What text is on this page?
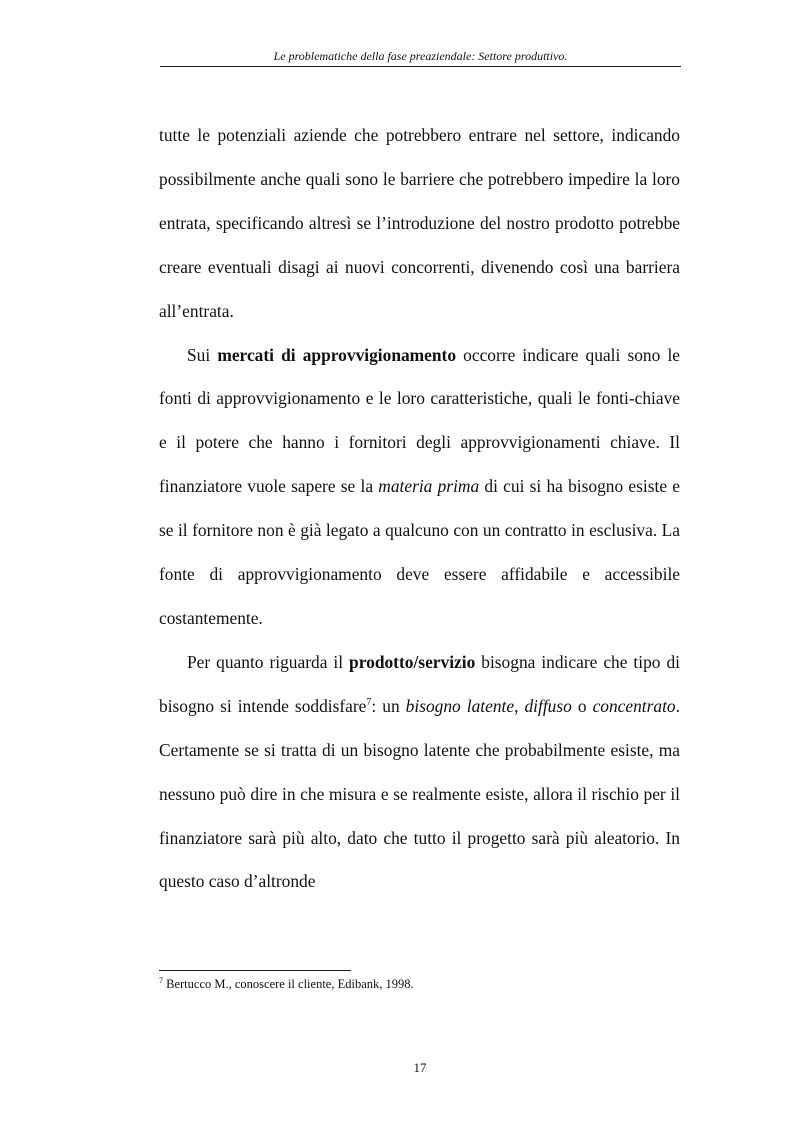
Le problematiche della fase preaziendale: Settore produttivo.

tutte le potenziali aziende che potrebbero entrare nel settore, indicando possibilmente anche quali sono le barriere che potrebbero impedire la loro entrata, specificando altresì se l’introduzione del nostro prodotto potrebbe creare eventuali disagi ai nuovi concorrenti, divenendo così una barriera all’entrata.

Sui mercati di approvvigionamento occorre indicare quali sono le fonti di approvvigionamento e le loro caratteristiche, quali le fonti-chiave e il potere che hanno i fornitori degli approvvigionamenti chiave. Il finanziatore vuole sapere se la materia prima di cui si ha bisogno esiste e se il fornitore non è già legato a qualcuno con un contratto in esclusiva. La fonte di approvvigionamento deve essere affidabile e accessibile
costantemente.

Per quanto riguarda il prodotto/servizio bisogna indicare che tipo di bisogno si intende soddisfare$^7$: un bisogno latente, diffuso o concentrato. Certamente se si tratta di un bisogno latente che probabilmente esiste, ma nessuno può dire in che misura e se realmente esiste, allora il rischio per il finanziatore sarà più alto, dato che tutto il progetto sarà più aleatorio. In questo caso d’altronde

$^7$ Bertucco M., conoscere il cliente, Edibank, 1998.
17
